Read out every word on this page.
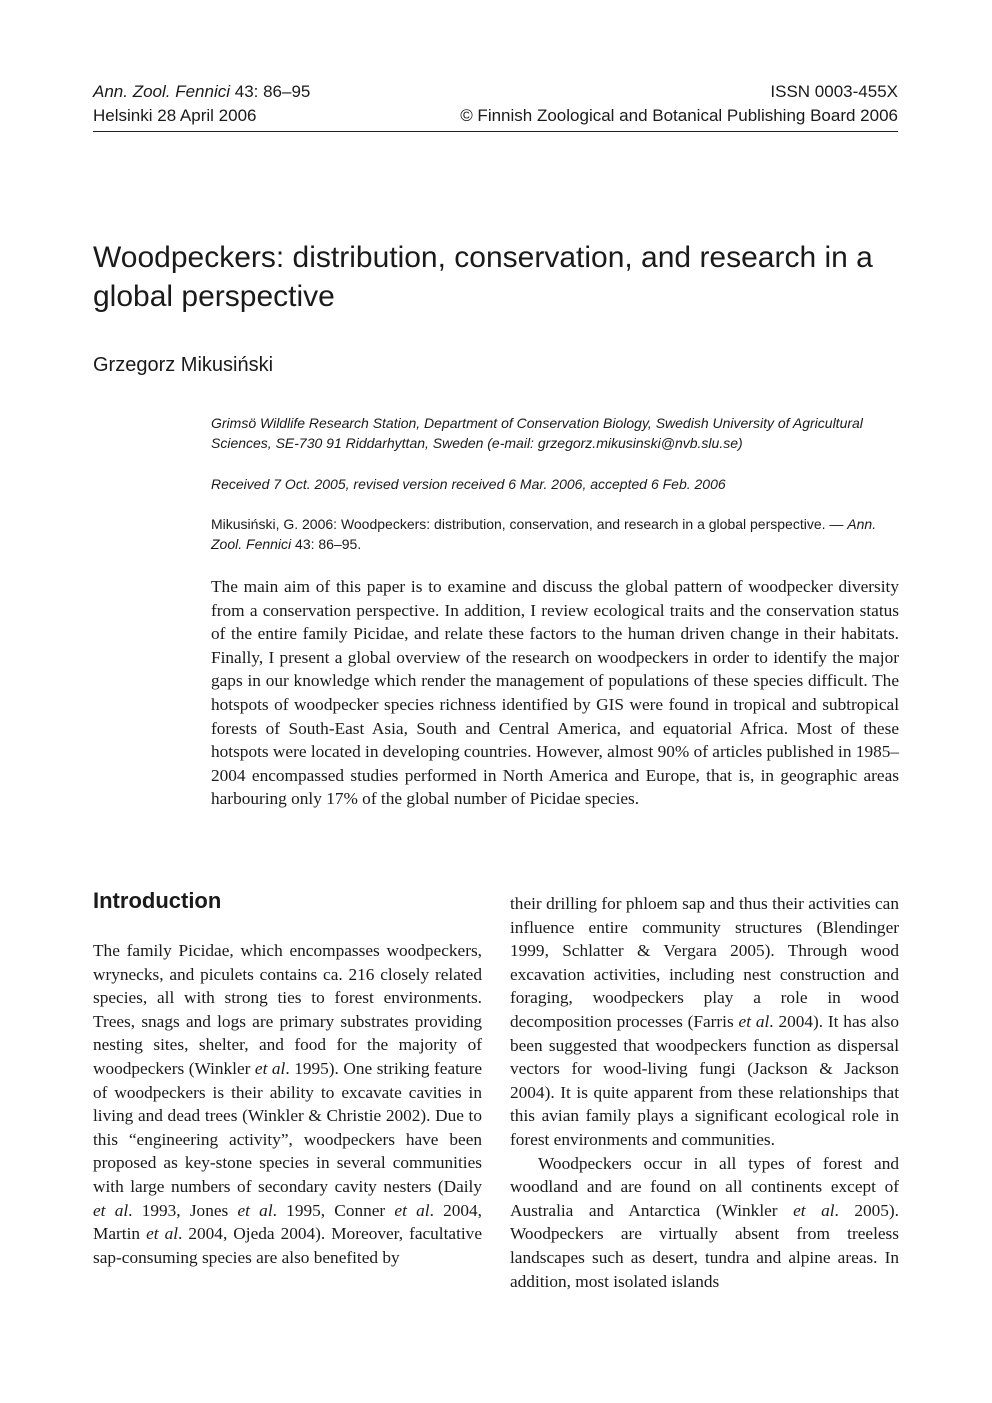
Ann. Zool. Fennici 43: 86–95	ISSN 0003-455X
Helsinki 28 April 2006	© Finnish Zoological and Botanical Publishing Board 2006
Woodpeckers: distribution, conservation, and research in a global perspective
Grzegorz Mikusiński

Grimsö Wildlife Research Station, Department of Conservation Biology, Swedish University of Agricultural Sciences, SE-730 91 Riddarhyttan, Sweden (e-mail: grzegorz.mikusinski@nvb.slu.se)

Received 7 Oct. 2005, revised version received 6 Mar. 2006, accepted 6 Feb. 2006

Mikusiński, G. 2006: Woodpeckers: distribution, conservation, and research in a global perspective. — Ann. Zool. Fennici 43: 86–95.

The main aim of this paper is to examine and discuss the global pattern of woodpecker diversity from a conservation perspective. In addition, I review ecological traits and the conservation status of the entire family Picidae, and relate these factors to the human driven change in their habitats. Finally, I present a global overview of the research on woodpeckers in order to identify the major gaps in our knowledge which render the management of populations of these species difficult. The hotspots of woodpecker species richness identified by GIS were found in tropical and subtropical forests of South-East Asia, South and Central America, and equatorial Africa. Most of these hotspots were located in developing countries. However, almost 90% of articles published in 1985–2004 encompassed studies performed in North America and Europe, that is, in geographic areas harbouring only 17% of the global number of Picidae species.

Introduction

The family Picidae, which encompasses woodpeckers, wrynecks, and piculets contains ca. 216 closely related species, all with strong ties to forest environments. Trees, snags and logs are primary substrates providing nesting sites, shelter, and food for the majority of woodpeckers (Winkler et al. 1995). One striking feature of woodpeckers is their ability to excavate cavities in living and dead trees (Winkler & Christie 2002). Due to this “engineering activity”, woodpeckers have been proposed as key-stone species in several communities with large numbers of secondary cavity nesters (Daily et al. 1993, Jones et al. 1995, Conner et al. 2004, Martin et al. 2004, Ojeda 2004). Moreover, facultative sap-consuming species are also benefited by

their drilling for phloem sap and thus their activities can influence entire community structures (Blendinger 1999, Schlatter & Vergara 2005). Through wood excavation activities, including nest construction and foraging, woodpeckers play a role in wood decomposition processes (Farris et al. 2004). It has also been suggested that woodpeckers function as dispersal vectors for wood-living fungi (Jackson & Jackson 2004). It is quite apparent from these relationships that this avian family plays a significant ecological role in forest environments and communities.

Woodpeckers occur in all types of forest and woodland and are found on all continents except of Australia and Antarctica (Winkler et al. 2005). Woodpeckers are virtually absent from treeless landscapes such as desert, tundra and alpine areas. In addition, most isolated islands
